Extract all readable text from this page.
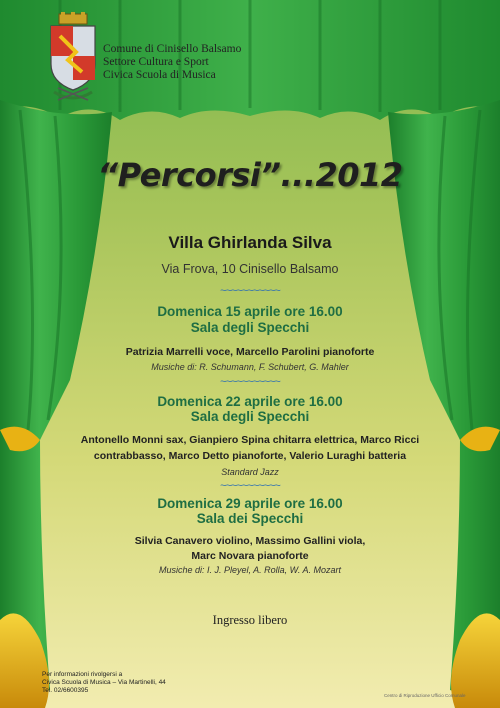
Comune di Cinisello Balsamo
Settore Cultura e Sport
Civica Scuola di Musica
“Percorsi”...2012
Villa Ghirlanda Silva
Via Frova, 10 Cinisello Balsamo
~~~~~~~~~~~
Domenica 15 aprile ore 16.00
Sala degli Specchi
Patrizia Marrelli voce, Marcello Parolini pianoforte
Musiche di: R. Schumann, F. Schubert, G. Mahler
~~~~~~~~~~~
Domenica 22 aprile ore 16.00
Sala degli Specchi
Antonello Monni sax, Gianpiero Spina chitarra elettrica, Marco Ricci
contrabbasso, Marco Detto pianoforte, Valerio Luraghi batteria
Standard Jazz
~~~~~~~~~~~
Domenica 29 aprile ore 16.00
Sala dei Specchi
Silvia Canavero violino, Massimo Gallini viola,
Marc Novara pianoforte
Musiche di: I. J. Pleyel, A. Rolla, W. A. Mozart
Ingresso libero
Per informazioni rivolgersi a
Civica Scuola di Musica – Via Martinelli, 44
Tel. 02/6600395
Centro di Riproduzione Ufficio Comunale
